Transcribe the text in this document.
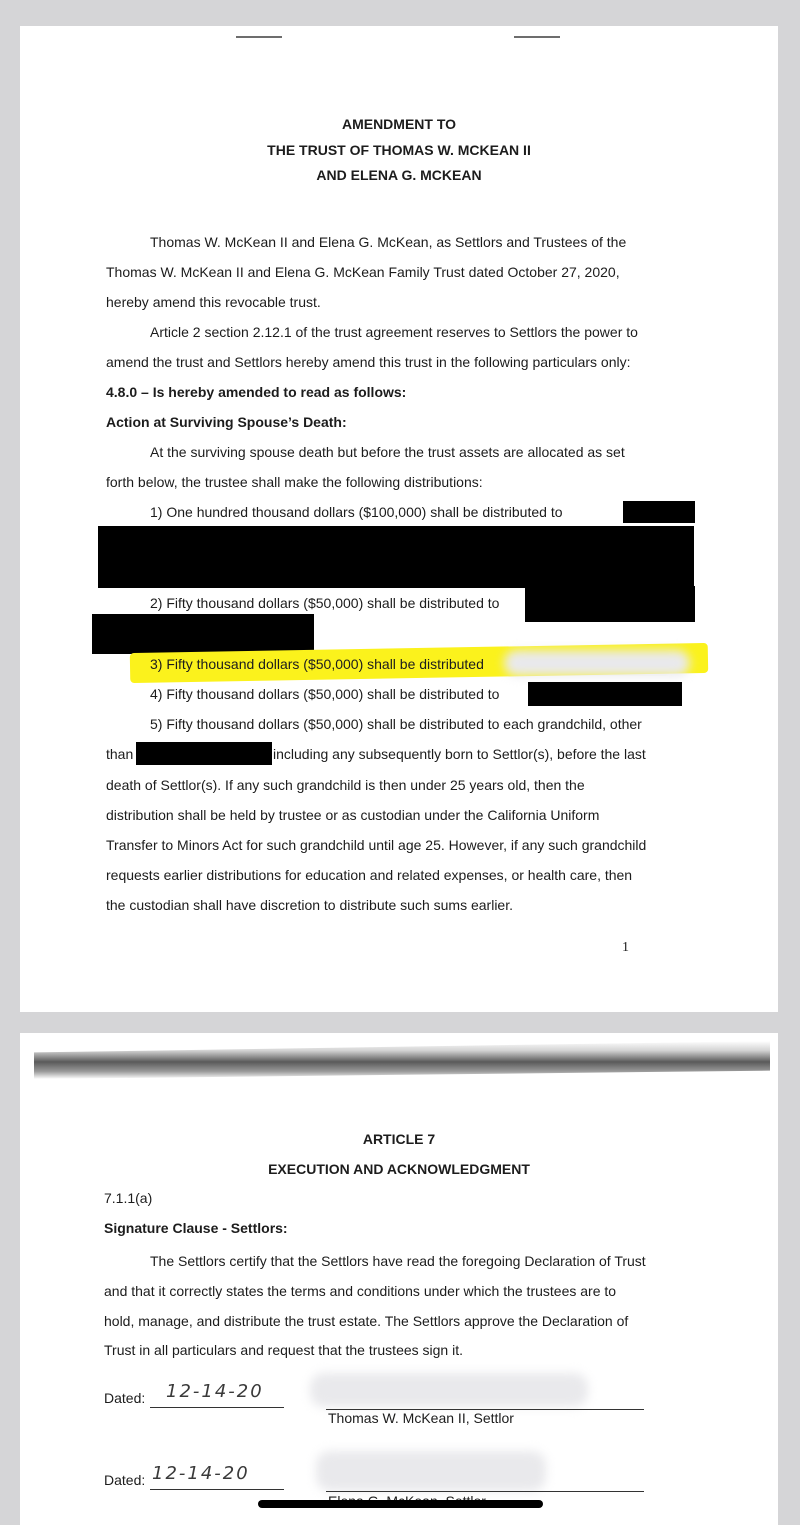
AMENDMENT TO
THE TRUST OF THOMAS W. MCKEAN II
AND ELENA G. MCKEAN
Thomas W. McKean II and Elena G. McKean, as Settlors and Trustees of the
Thomas W. McKean II and Elena G. McKean Family Trust dated October 27, 2020,
hereby amend this revocable trust.
Article 2 section 2.12.1 of the trust agreement reserves to Settlors the power to
amend the trust and Settlors hereby amend this trust in the following particulars only:
4.8.0 – Is hereby amended to read as follows:
Action at Surviving Spouse’s Death:
At the surviving spouse death but before the trust assets are allocated as set
forth below, the trustee shall make the following distributions:
1) One hundred thousand dollars ($100,000) shall be distributed to
2) Fifty thousand dollars ($50,000) shall be distributed to
3) Fifty thousand dollars ($50,000) shall be distributed
4) Fifty thousand dollars ($50,000) shall be distributed to
5) Fifty thousand dollars ($50,000) shall be distributed to each grandchild, other
than	including any subsequently born to Settlor(s), before the last
death of Settlor(s). If any such grandchild is then under 25 years old, then the
distribution shall be held by trustee or as custodian under the California Uniform
Transfer to Minors Act for such grandchild until age 25. However, if any such grandchild
requests earlier distributions for education and related expenses, or health care, then
the custodian shall have discretion to distribute such sums earlier.
1
ARTICLE 7
EXECUTION AND ACKNOWLEDGMENT
7.1.1(a)
Signature Clause - Settlors:
The Settlors certify that the Settlors have read the foregoing Declaration of Trust
and that it correctly states the terms and conditions under which the trustees are to
hold, manage, and distribute the trust estate. The Settlors approve the Declaration of
Trust in all particulars and request that the trustees sign it.
Dated: 12-14-20
Thomas W. McKean II, Settlor
Dated: 12-14-20
